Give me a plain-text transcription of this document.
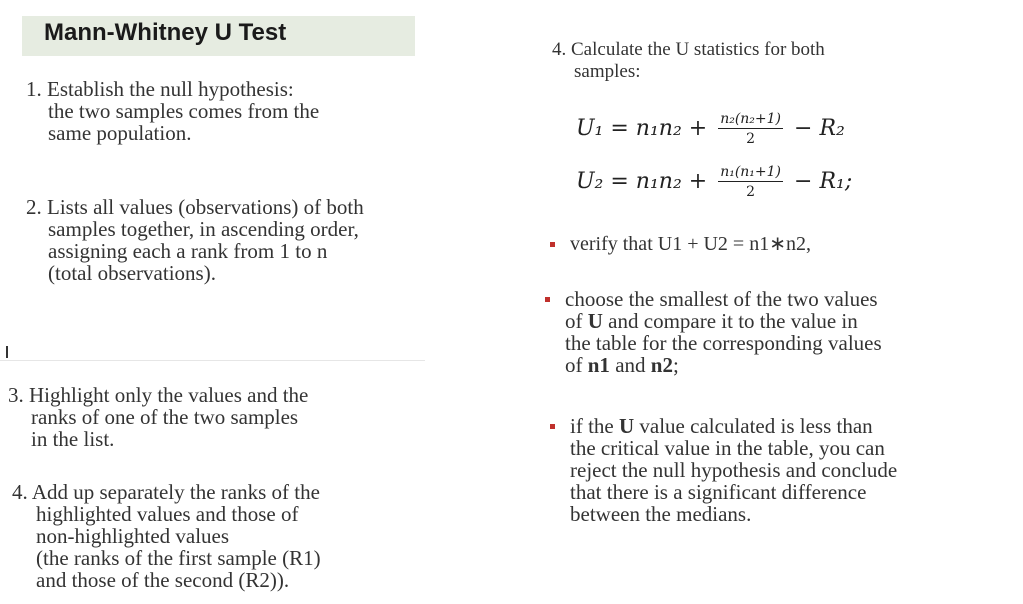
Mann-Whitney U Test
1. Establish the null hypothesis:
the two samples comes from the
same population.
2. Lists all values (observations) of both
samples together, in ascending order,
assigning each a rank from 1 to n
(total observations).
3. Highlight only the values and the
ranks of one of the two samples
in the list.
4. Add up separately the ranks of the
highlighted values and those of
non-highlighted values
(the ranks of the first sample (R1)
and those of the second (R2)).
4. Calculate the U statistics for both
samples:
$U_1 = n_1n_2 + \frac{\text{n₂(n₂+1)}}{2} - R_2$
$U_2 = n_1n_2 + \frac{\text{n₁(n₁+1)}}{2} - R_1$;
verify that U1 + U2 = n1∗n2,
choose the smallest of the two values
of U and compare it to the value in
the table for the corresponding values
of n1 and n2;
if the U value calculated is less than
the critical value in the table, you can
reject the null hypothesis and conclude
that there is a significant difference
between the medians.
